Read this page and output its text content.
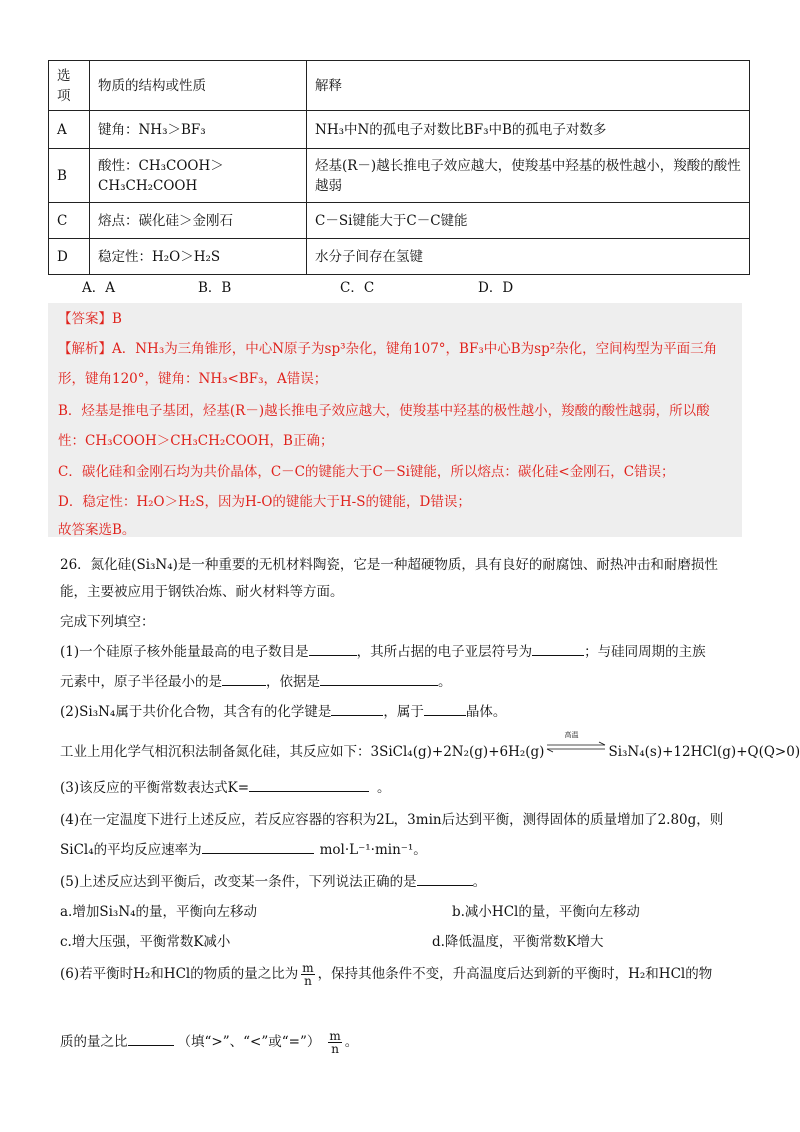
选项	物质的结构或性质	解释
A	键角：NH₃＞BF₃	NH₃中N的孤电子对数比BF₃中B的孤电子对数多
B	酸性：CH₃COOH＞CH₃CH₂COOH	烃基(R－)越长推电子效应越大，使羧基中羟基的极性越小，羧酸的酸性越弱
C	熔点：碳化硅＞金刚石	C－Si键能大于C－C键能
D	稳定性：H₂O＞H₂S	水分子间存在氢键
A．A	B．B	C．C	D．D
【答案】B
【解析】A．NH₃为三角锥形，中心N原子为sp³杂化，键角107°，BF₃中心B为sp²杂化，空间构型为平面三角
形，键角120°，键角：NH₃<BF₃，A错误；
B．烃基是推电子基团，烃基(R－)越长推电子效应越大，使羧基中羟基的极性越小，羧酸的酸性越弱，所以酸
性：CH₃COOH＞CH₃CH₂COOH，B正确；
C．碳化硅和金刚石均为共价晶体，C－C的键能大于C－Si键能，所以熔点：碳化硅<金刚石，C错误；
D．稳定性：H₂O＞H₂S，因为H-O的键能大于H-S的键能，D错误；
故答案选B。
26．氮化硅(Si₃N₄)是一种重要的无机材料陶瓷，它是一种超硬物质，具有良好的耐腐蚀、耐热冲击和耐磨损性
能，主要被应用于钢铁冶炼、耐火材料等方面。
完成下列填空：
(1)一个硅原子核外能量最高的电子数目是	，其所占据的电子亚层符号为	；与硅同周期的主族
元素中，原子半径最小的是	，依据是	。
(2)Si₃N₄属于共价化合物，其含有的化学键是	，属于	晶体。
工业上用化学气相沉积法制备氮化硅，其反应如下：3SiCl₄(g)+2N₂(g)+6H₂(g)
高温
Si₃N₄(s)+12HCl(g)+Q(Q>0)
(3)该反应的平衡常数表达式K=	。
(4)在一定温度下进行上述反应，若反应容器的容积为2L，3min后达到平衡，测得固体的质量增加了2.80g，则
SiCl₄的平均反应速率为	mol·L⁻¹·min⁻¹。
(5)上述反应达到平衡后，改变某一条件，下列说法正确的是	。
a.增加Si₃N₄的量，平衡向左移动	b.减小HCl的量，平衡向左移动
c.增大压强，平衡常数K减小	d.降低温度，平衡常数K增大
(6)若平衡时H₂和HCl的物质的量之比为 $\frac{m}{n}$ ，保持其他条件不变，升高温度后达到新的平衡时，H₂和HCl的物
质的量之比	（填“>”、“<”或“=”） $\frac{m}{n}$ 。
